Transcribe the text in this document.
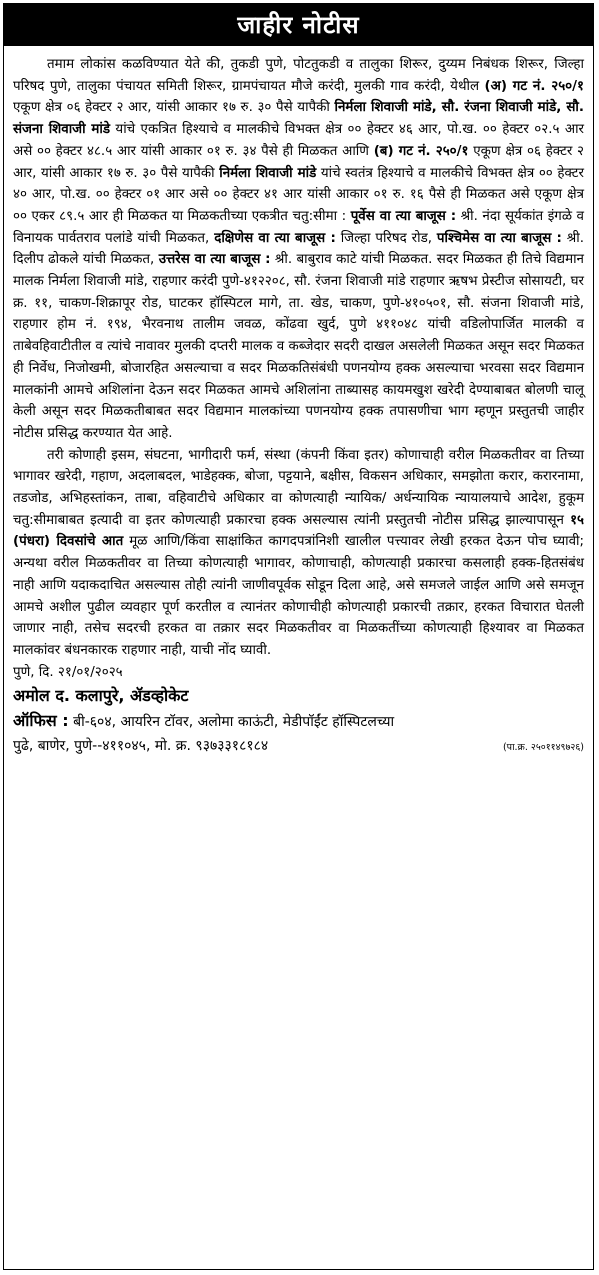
जाहीर नोटीस

तमाम लोकांस कळविण्यात येते की, तुकडी पुणे, पोटतुकडी व तालुका शिरूर, दुय्यम निबंधक शिरूर, जिल्हा परिषद पुणे, तालुका पंचायत समिती शिरूर, ग्रामपंचायत मौजे करंदी, मुलकी गाव करंदी, येथील (अ) गट नं. २५०/१ एकूण क्षेत्र ०६ हेक्टर २ आर, यांसी आकार १७ रु. ३० पैसे यापैकी निर्मला शिवाजी मांडे, सौ. रंजना शिवाजी मांडे, सौ. संजना शिवाजी मांडे यांचे एकत्रित हिश्याचे व मालकीचे विभक्त क्षेत्र ०० हेक्टर ४६ आर, पो.ख. ०० हेक्टर ०२.५ आर असे ०० हेक्टर ४८.५ आर यांसी आकार ०१ रु. ३४ पैसे ही मिळकत आणि (ब) गट नं. २५०/१ एकूण क्षेत्र ०६ हेक्टर २ आर, यांसी आकार १७ रु. ३० पैसे यापैकी निर्मला शिवाजी मांडे यांचे स्वतंत्र हिश्याचे व मालकीचे विभक्त क्षेत्र ०० हेक्टर ४० आर, पो.ख. ०० हेक्टर ०१ आर असे ०० हेक्टर ४१ आर यांसी आकार ०१ रु. १६ पैसे ही मिळकत असे एकूण क्षेत्र ०० एकर ८९.५ आर ही मिळकत या मिळकतीच्या एकत्रीत चतु:सीमा : पूर्वेस वा त्या बाजूस : श्री. नंदा सूर्यकांत इंगळे व विनायक पार्वतराव पलांडे यांची मिळकत, दक्षिणेस वा त्या बाजूस : जिल्हा परिषद रोड, पश्चिमेस वा त्या बाजूस : श्री. दिलीप ढोकले यांची मिळकत, उत्तरेस वा त्या बाजूस : श्री. बाबुराव काटे यांची मिळकत. सदर मिळकत ही तिचे विद्यमान मालक निर्मला शिवाजी मांडे, राहणार करंदी पुणे-४१२२०८, सौ. रंजना शिवाजी मांडे राहणार ऋषभ प्रेस्टीज सोसायटी, घर क्र. ११, चाकण-शिक्रापूर रोड, घाटकर हॉस्पिटल मागे, ता. खेड, चाकण, पुणे-४१०५०१, सौ. संजना शिवाजी मांडे, राहणार होम नं. १९४, भैरवनाथ तालीम जवळ, कोंढवा खुर्द, पुणे ४११०४८ यांची वडिलोपार्जित मालकी व ताबेवहिवाटीतील व त्यांचे नावावर मुलकी दप्तरी मालक व कब्जेदार सदरी दाखल असलेली मिळकत असून सदर मिळकत ही निर्वेध, निजोखमी, बोजारहित असल्याचा व सदर मिळकतिसंबंधी पणनयोग्य हक्क असल्याचा भरवसा सदर विद्यमान मालकांनी आमचे अशिलांना देऊन सदर मिळकत आमचे अशिलांना ताब्यासह कायमखुश खरेदी देण्याबाबत बोलणी चालू केली असून सदर मिळकतीबाबत सदर विद्यमान मालकांच्या पणनयोग्य हक्क तपासणीचा भाग म्हणून प्रस्तुतची जाहीर नोटीस प्रसिद्ध करण्यात येत आहे.

तरी कोणाही इसम, संघटना, भागीदारी फर्म, संस्था (कंपनी किंवा इतर) कोणाचाही वरील मिळकतीवर वा तिच्या भागावर खरेदी, गहाण, अदलाबदल, भाडेहक्क, बोजा, पट्टयाने, बक्षीस, विकसन अधिकार, समझोता करार, करारनामा, तडजोड, अभिहस्तांकन, ताबा, वहिवाटीचे अधिकार वा कोणत्याही न्यायिक/ अर्धन्यायिक न्यायालयाचे आदेश, हुकूम चतु:सीमाबाबत इत्यादी वा इतर कोणत्याही प्रकारचा हक्क असल्यास त्यांनी प्रस्तुतची नोटीस प्रसिद्ध झाल्यापासून १५ (पंधरा) दिवसांचे आत मूळ आणि/किंवा साक्षांकित कागदपत्रांनिशी खालील पत्त्यावर लेखी हरकत देऊन पोच घ्यावी; अन्यथा वरील मिळकतीवर वा तिच्या कोणत्याही भागावर, कोणाचाही, कोणत्याही प्रकारचा कसलाही हक्क-हितसंबंध नाही आणि यदाकदाचित असल्यास तोही त्यांनी जाणीवपूर्वक सोडून दिला आहे, असे समजले जाईल आणि असे समजून आमचे अशील पुढील व्यवहार पूर्ण करतील व त्यानंतर कोणाचीही कोणत्याही प्रकारची तक्रार, हरकत विचारात घेतली जाणार नाही, तसेच सदरची हरकत वा तक्रार सदर मिळकतीवर वा मिळकतींच्या कोणत्याही हिश्यावर वा मिळकत मालकांवर बंधनकारक राहणार नाही, याची नोंद घ्यावी.

पुणे, दि. २१/०१/२०२५

अमोल द. कलापुरे, ॲडव्होकेट

ऑफिस : बी-६०४, आयरिन टॉवर, अलोमा काऊंटी, मेडीपॉईंट हॉस्पिटलच्या

पुढे, बाणेर, पुणे--४११०४५, मो. क्र. ९३७३३१८१८४	(पा.क्र. २५०११४९७२६)
